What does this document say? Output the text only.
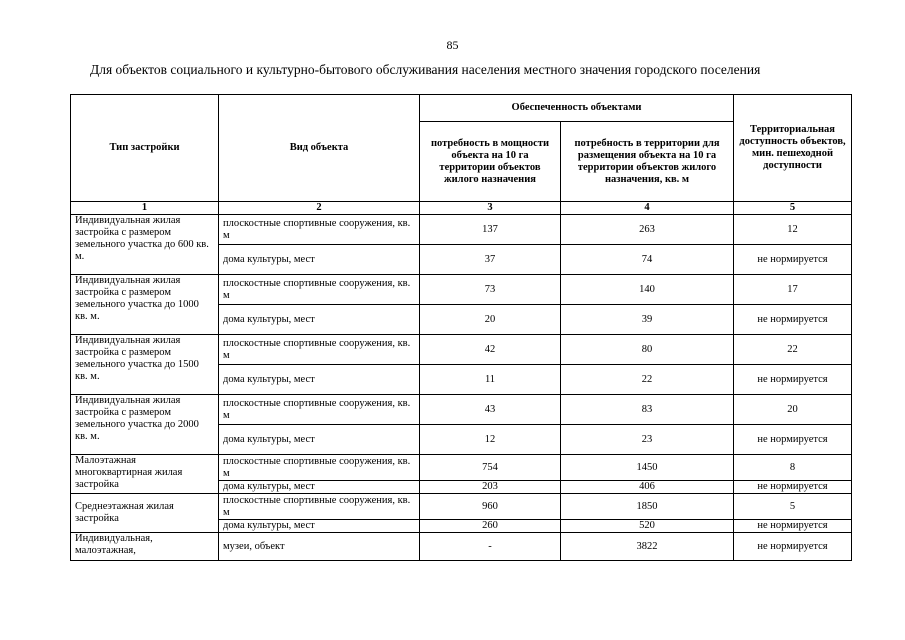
85
Для объектов социального и культурно-бытового обслуживания населения местного значения городского поселения
Тип застройки	Вид объекта	Обеспеченность объектами		Территориальная доступность объектов, мин. пешеходной доступности
		потребность в мощности объекта на 10 га территории объектов жилого назначения	потребность в территории для размещения объекта на 10 га территории объектов жилого назначения, кв. м	
1	2	3	4	5
Индивидуальная жилая застройка с размером земельного участка до 600 кв. м.	плоскостные спортивные сооружения, кв. м	137	263	12
	дома культуры, мест	37	74	не нормируется
Индивидуальная жилая застройка с размером земельного участка до 1000 кв. м.	плоскостные спортивные сооружения, кв. м	73	140	17
	дома культуры, мест	20	39	не нормируется
Индивидуальная жилая застройка с размером земельного участка до 1500 кв. м.	плоскостные спортивные сооружения, кв. м	42	80	22
	дома культуры, мест	11	22	не нормируется
Индивидуальная жилая застройка с размером земельного участка до 2000 кв. м.	плоскостные спортивные сооружения, кв. м	43	83	20
	дома культуры, мест	12	23	не нормируется
Малоэтажная многоквартирная жилая застройка	плоскостные спортивные сооружения, кв. м	754	1450	8
	дома культуры, мест	203	406	не нормируется
Среднеэтажная жилая застройка	плоскостные спортивные сооружения, кв. м	960	1850	5
	дома культуры, мест	260	520	не нормируется
Индивидуальная, малоэтажная,	музеи, объект	-	3822	не нормируется
